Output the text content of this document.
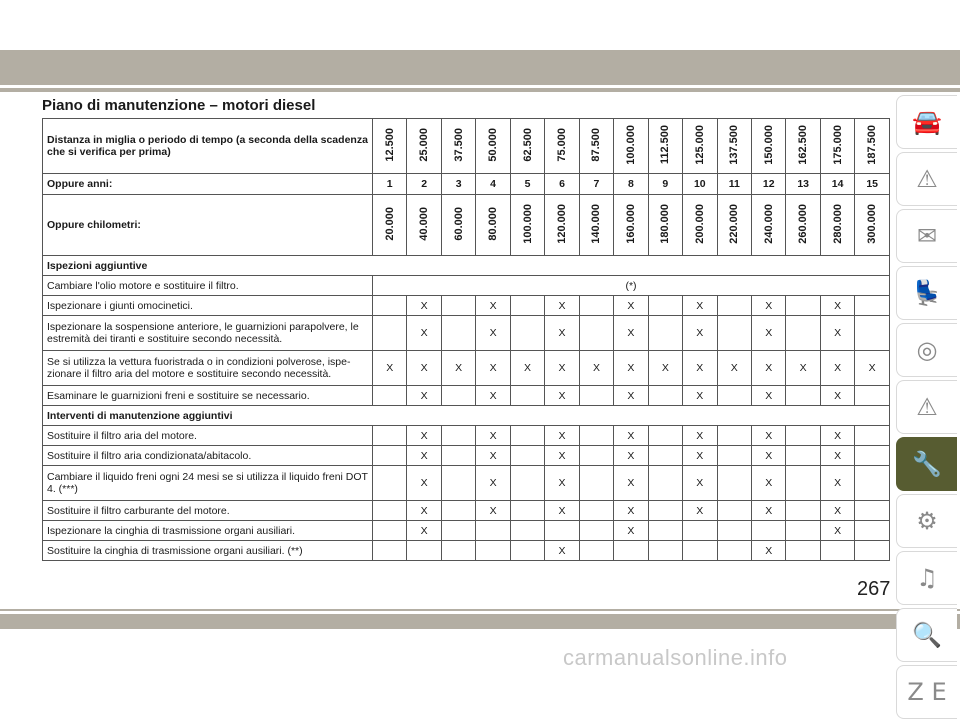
Piano di manutenzione – motori diesel
Distanza in miglia o periodo di tempo (a seconda della scadenza che si verifica per prima)	12.500	25.000	37.500	50.000	62.500	75.000	87.500	100.000	112.500	125.000	137.500	150.000	162.500	175.000	187.500
Oppure anni:	1	2	3	4	5	6	7	8	9	10	11	12	13	14	15
Oppure chilometri:	20.000	40.000	60.000	80.000	100.000	120.000	140.000	160.000	180.000	200.000	220.000	240.000	260.000	280.000	300.000
Ispezioni aggiuntive															
Cambiare l'olio motore e sostituire il filtro.	(*)														
Ispezionare i giunti omocinetici.		X		X		X		X		X		X		X	
Ispezionare la sospensione anteriore, le guarnizioni parapolvere, le estremità dei tiranti e sostituire secondo necessità.		X		X		X		X		X		X		X	
Se si utilizza la vettura fuoristrada o in condizioni polverose, ispe- zionare il filtro aria del motore e sostituire secondo necessità.	X	X	X	X	X	X	X	X	X	X	X	X	X	X	X
Esaminare le guarnizioni freni e sostituire se necessario.		X		X		X		X		X		X		X	
Interventi di manutenzione aggiuntivi															
Sostituire il filtro aria del motore.		X		X		X		X		X		X		X	
Sostituire il filtro aria condizionata/abitacolo.		X		X		X		X		X		X		X	
Cambiare il liquido freni ogni 24 mesi se si utilizza il liquido freni DOT 4. (***)		X		X		X		X		X		X		X	
Sostituire il filtro carburante del motore.		X		X		X		X		X		X		X	
Ispezionare la cinghia di trasmissione organi ausiliari.		X						X						X	
Sostituire la cinghia di trasmissione organi ausiliari. (**)						X						X			
🚘
⚠
✉
💺
◎
⚠
🔧
⚙
♫
🔍
Z E
267
carmanualsonline.info
